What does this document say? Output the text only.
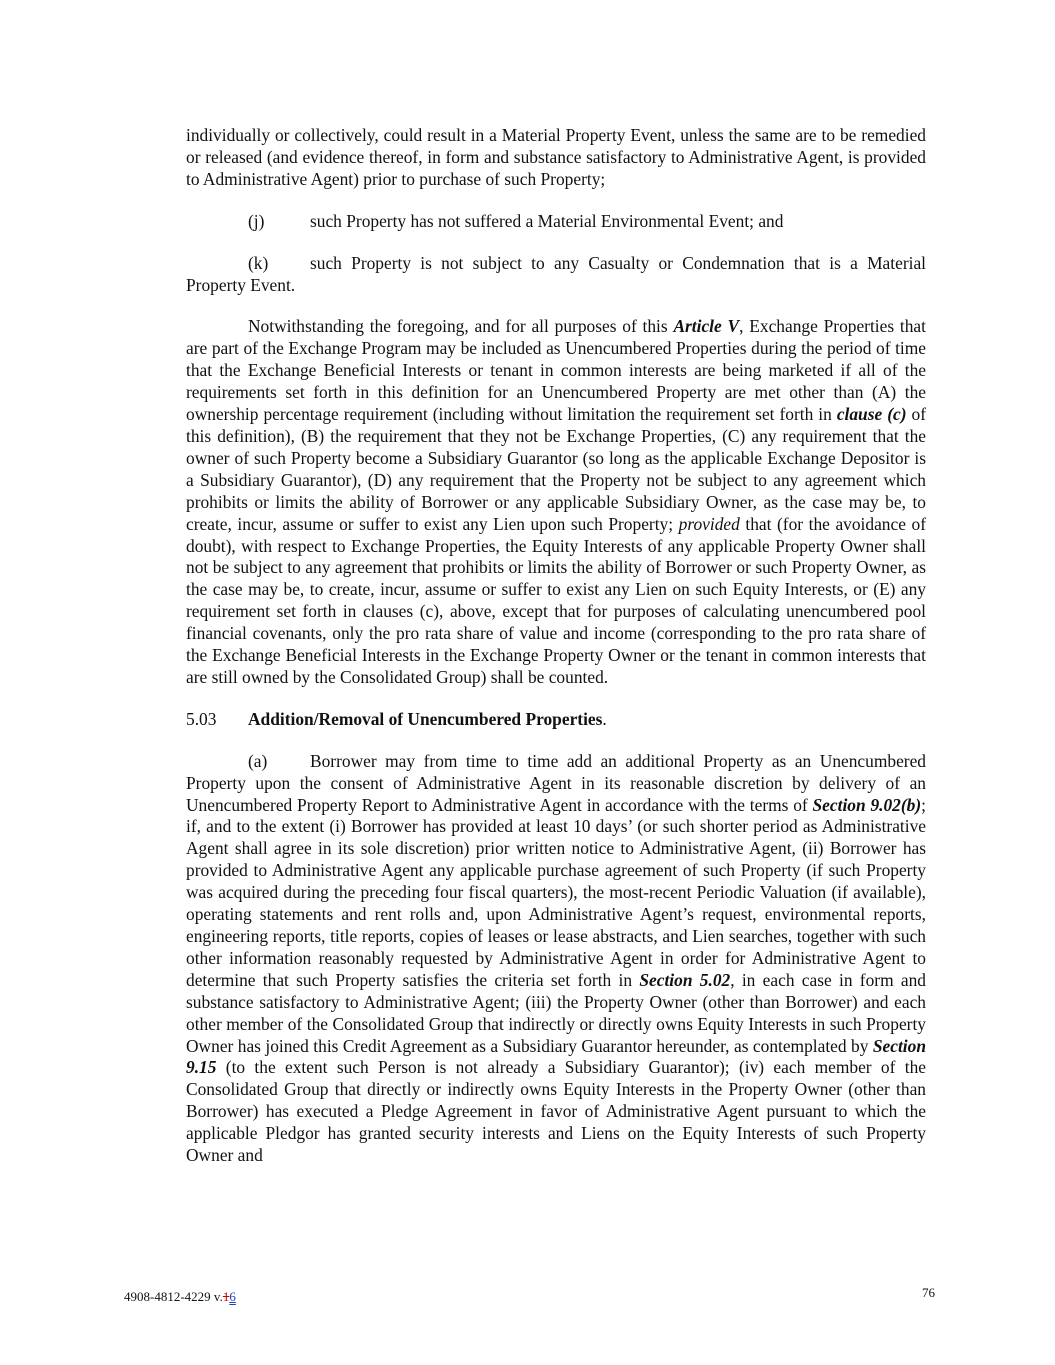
individually or collectively, could result in a Material Property Event, unless the same are to be remedied or released (and evidence thereof, in form and substance satisfactory to Administrative Agent, is provided to Administrative Agent) prior to purchase of such Property;

(j)	such Property has not suffered a Material Environmental Event; and

(k) such Property is not subject to any Casualty or Condemnation that is a Material Property Event.

Notwithstanding the foregoing, and for all purposes of this Article V, Exchange Properties that are part of the Exchange Program may be included as Unencumbered Properties during the period of time that the Exchange Beneficial Interests or tenant in common interests are being marketed if all of the requirements set forth in this definition for an Unencumbered Property are met other than (A) the ownership percentage requirement (including without limitation the requirement set forth in clause (c) of this definition), (B) the requirement that they not be Exchange Properties, (C) any requirement that the owner of such Property become a Subsidiary Guarantor (so long as the applicable Exchange Depositor is a Subsidiary Guarantor), (D) any requirement that the Property not be subject to any agreement which prohibits or limits the ability of Borrower or any applicable Subsidiary Owner, as the case may be, to create, incur, assume or suffer to exist any Lien upon such Property; provided that (for the avoidance of doubt), with respect to Exchange Properties, the Equity Interests of any applicable Property Owner shall not be subject to any agreement that prohibits or limits the ability of Borrower or such Property Owner, as the case may be, to create, incur, assume or suffer to exist any Lien on such Equity Interests, or (E) any requirement set forth in clauses (c), above, except that for purposes of calculating unencumbered pool financial covenants, only the pro rata share of value and income (corresponding to the pro rata share of the Exchange Beneficial Interests in the Exchange Property Owner or the tenant in common interests that are still owned by the Consolidated Group) shall be counted.

5.03 Addition/Removal of Unencumbered Properties.

(a) Borrower may from time to time add an additional Property as an Unencumbered Property upon the consent of Administrative Agent in its reasonable discretion by delivery of an Unencumbered Property Report to Administrative Agent in accordance with the terms of Section 9.02(b); if, and to the extent (i) Borrower has provided at least 10 days’ (or such shorter period as Administrative Agent shall agree in its sole discretion) prior written notice to Administrative Agent, (ii) Borrower has provided to Administrative Agent any applicable purchase agreement of such Property (if such Property was acquired during the preceding four fiscal quarters), the most-recent Periodic Valuation (if available), operating statements and rent rolls and, upon Administrative Agent’s request, environmental reports, engineering reports, title reports, copies of leases or lease abstracts, and Lien searches, together with such other information reasonably requested by Administrative Agent in order for Administrative Agent to determine that such Property satisfies the criteria set forth in Section 5.02, in each case in form and substance satisfactory to Administrative Agent; (iii) the Property Owner (other than Borrower) and each other member of the Consolidated Group that indirectly or directly owns Equity Interests in such Property Owner has joined this Credit Agreement as a Subsidiary Guarantor hereunder, as contemplated by Section 9.15 (to the extent such Person is not already a Subsidiary Guarantor); (iv) each member of the Consolidated Group that directly or indirectly owns Equity Interests in the Property Owner (other than Borrower) has executed a Pledge Agreement in favor of Administrative Agent pursuant to which the applicable Pledgor has granted security interests and Liens on the Equity Interests of such Property Owner and

4908-4812-4229 v.16	76
